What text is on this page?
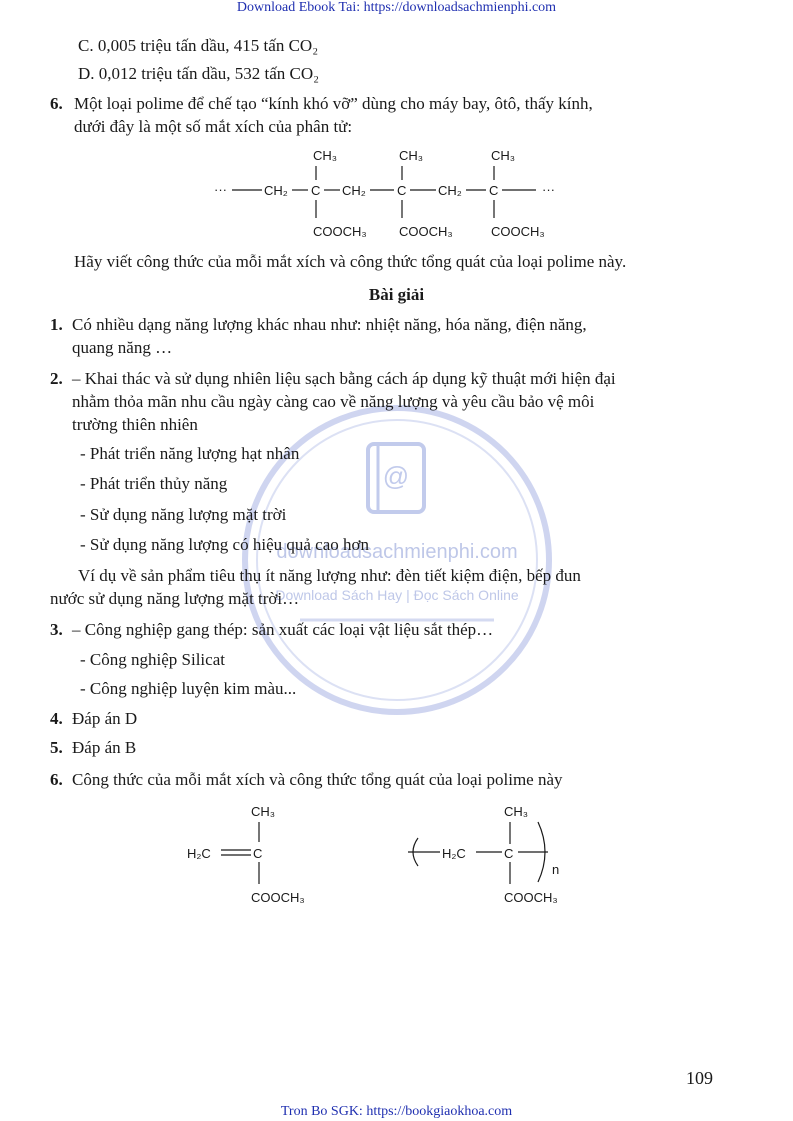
@
downloadsachmienphi.com
Download Sách Hay | Đọc Sách Online
Download Ebook Tai: https://downloadsachmienphi.com
C. 0,005 triệu tấn dầu, 415 tấn CO₂
D. 0,012 triệu tấn dầu, 532 tấn CO₂
6. Một loại polime để chế tạo “kính khó vỡ” dùng cho máy bay, ôtô, thấy kính,
dưới đây là một số mắt xích của phân tử:
···	CH₂ C
CH₃
COOCH₃
CH₂ C
CH₃
COOCH₃
CH₂ C
CH₃
COOCH₃
···
Hãy viết công thức của mỗi mắt xích và công thức tổng quát của loại polime này.
Bài giải
1. Có nhiều dạng năng lượng khác nhau như: nhiệt năng, hóa năng, điện năng,
quang năng …
2. – Khai thác và sử dụng nhiên liệu sạch bằng cách áp dụng kỹ thuật mới hiện đại
nhằm thỏa mãn nhu cầu ngày càng cao về năng lượng và yêu cầu bảo vệ môi
trường thiên nhiên
- Phát triển năng lượng hạt nhân
- Phát triển thủy năng
- Sử dụng năng lượng mặt trời
- Sử dụng năng lượng có hiệu quả cao hơn
Ví dụ về sản phẩm tiêu thụ ít năng lượng như: đèn tiết kiệm điện, bếp đun
nước sử dụng năng lượng mặt trời…
3. – Công nghiệp gang thép: sản xuất các loại vật liệu sắt thép…
- Công nghiệp Silicat
- Công nghiệp luyện kim màu...
4. Đáp án D
5. Đáp án B
6. Công thức của mỗi mắt xích và công thức tổng quát của loại polime này
CH₃
H₂C	C
COOCH₃
H₂C	C
CH₃
COOCH₃
n
109
Tron Bo SGK: https://bookgiaokhoa.com
